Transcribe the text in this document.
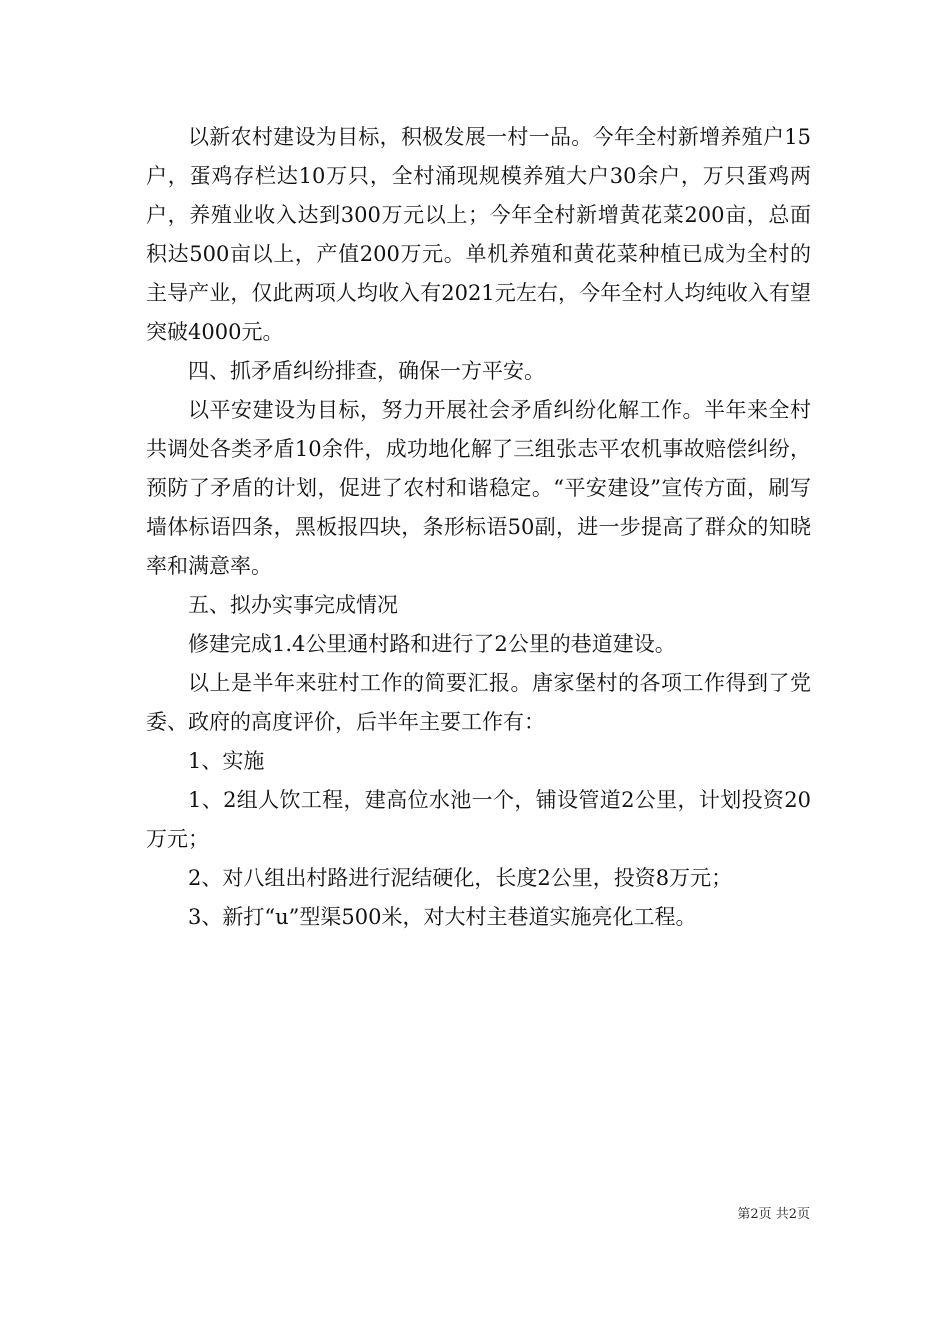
以新农村建设为目标，积极发展一村一品。今年全村新增养殖户15户，蛋鸡存栏达10万只，全村涌现规模养殖大户30余户，万只蛋鸡两户，养殖业收入达到300万元以上；今年全村新增黄花菜200亩，总面积达500亩以上，产值200万元。单机养殖和黄花菜种植已成为全村的主导产业，仅此两项人均收入有2021元左右，今年全村人均纯收入有望突破4000元。

四、抓矛盾纠纷排查，确保一方平安。

以平安建设为目标，努力开展社会矛盾纠纷化解工作。半年来全村共调处各类矛盾10余件，成功地化解了三组张志平农机事故赔偿纠纷，预防了矛盾的计划，促进了农村和谐稳定。“平安建设”宣传方面，刷写墙体标语四条，黑板报四块，条形标语50副，进一步提高了群众的知晓率和满意率。

五、拟办实事完成情况

修建完成1.4公里通村路和进行了2公里的巷道建设。

以上是半年来驻村工作的简要汇报。唐家堡村的各项工作得到了党委、政府的高度评价，后半年主要工作有：

1、实施

1、2组人饮工程，建高位水池一个，铺设管道2公里，计划投资20万元；

2、对八组出村路进行泥结硬化，长度2公里，投资8万元；

3、新打“u”型渠500米，对大村主巷道实施亮化工程。

第2页 共2页
